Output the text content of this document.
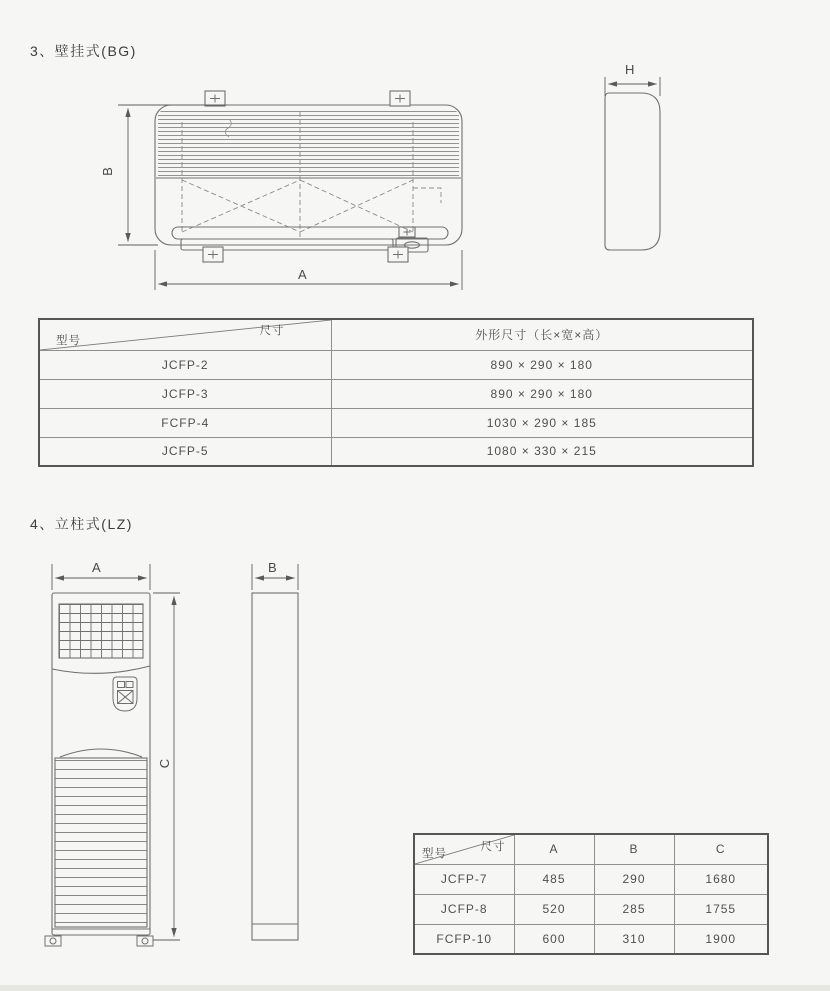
3、壁挂式(BG)
4、立柱式(LZ)
B
A
H
A
C
B
尺寸
型号	外形尺寸（长×宽×高）
JCFP-2	890 × 290 × 180
JCFP-3	890 × 290 × 180
FCFP-4	1030 × 290 × 185
JCFP-5	1080 × 330 × 215
尺寸
型号	A	B	C
JCFP-7	485	290	1680
JCFP-8	520	285	1755
FCFP-10	600	310	1900
